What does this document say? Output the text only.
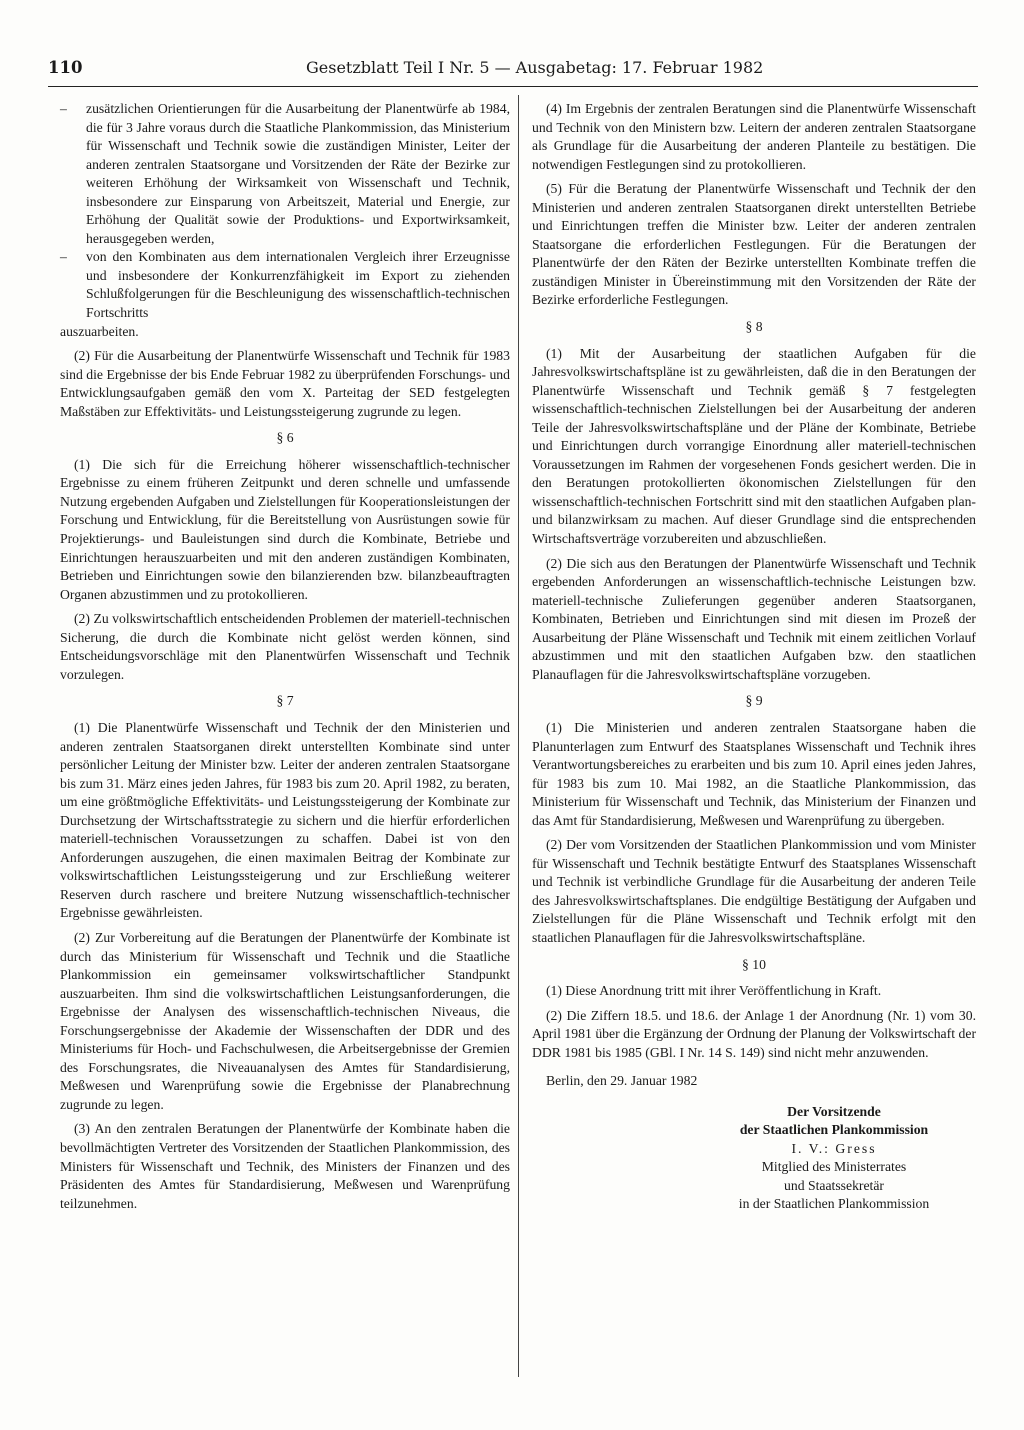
110	Gesetzblatt Teil I Nr. 5 — Ausgabetag: 17. Februar 1982
– zusätzlichen Orientierungen für die Ausarbeitung der Planentwürfe ab 1984, die für 3 Jahre voraus durch die Staatliche Plankommission, das Ministerium für Wissenschaft und Technik sowie die zuständigen Minister, Leiter der anderen zentralen Staatsorgane und Vorsitzenden der Räte der Bezirke zur weiteren Erhöhung der Wirksamkeit von Wissenschaft und Technik, insbesondere zur Einsparung von Arbeitszeit, Material und Energie, zur Erhöhung der Qualität sowie der Produktions- und Exportwirksamkeit, herausgegeben werden,
– von den Kombinaten aus dem internationalen Vergleich ihrer Erzeugnisse und insbesondere der Konkurrenzfähigkeit im Export zu ziehenden Schlußfolgerungen für die Beschleunigung des wissenschaftlich-technischen Fortschritts
auszuarbeiten.

(2) Für die Ausarbeitung der Planentwürfe Wissenschaft und Technik für 1983 sind die Ergebnisse der bis Ende Februar 1982 zu überprüfenden Forschungs- und Entwicklungsaufgaben gemäß den vom X. Parteitag der SED festgelegten Maßstäben zur Effektivitäts- und Leistungssteigerung zugrunde zu legen.

§ 6

(1) Die sich für die Erreichung höherer wissenschaftlich-technischer Ergebnisse zu einem früheren Zeitpunkt und deren schnelle und umfassende Nutzung ergebenden Aufgaben und Zielstellungen für Kooperationsleistungen der Forschung und Entwicklung, für die Bereitstellung von Ausrüstungen sowie für Projektierungs- und Bauleistungen sind durch die Kombinate, Betriebe und Einrichtungen herauszuarbeiten und mit den anderen zuständigen Kombinaten, Betrieben und Einrichtungen sowie den bilanzierenden bzw. bilanzbeauftragten Organen abzustimmen und zu protokollieren.

(2) Zu volkswirtschaftlich entscheidenden Problemen der materiell-technischen Sicherung, die durch die Kombinate nicht gelöst werden können, sind Entscheidungsvorschläge mit den Planentwürfen Wissenschaft und Technik vorzulegen.

§ 7

(1) Die Planentwürfe Wissenschaft und Technik der den Ministerien und anderen zentralen Staatsorganen direkt unterstellten Kombinate sind unter persönlicher Leitung der Minister bzw. Leiter der anderen zentralen Staatsorgane bis zum 31. März eines jeden Jahres, für 1983 bis zum 20. April 1982, zu beraten, um eine größtmögliche Effektivitäts- und Leistungssteigerung der Kombinate zur Durchsetzung der Wirtschaftsstrategie zu sichern und die hierfür erforderlichen materiell-technischen Voraussetzungen zu schaffen. Dabei ist von den Anforderungen auszugehen, die einen maximalen Beitrag der Kombinate zur volkswirtschaftlichen Leistungssteigerung und zur Erschließung weiterer Reserven durch raschere und breitere Nutzung wissenschaftlich-technischer Ergebnisse gewährleisten.

(2) Zur Vorbereitung auf die Beratungen der Planentwürfe der Kombinate ist durch das Ministerium für Wissenschaft und Technik und die Staatliche Plankommission ein gemeinsamer volkswirtschaftlicher Standpunkt auszuarbeiten. Ihm sind die volkswirtschaftlichen Leistungsanforderungen, die Ergebnisse der Analysen des wissenschaftlich-technischen Niveaus, die Forschungsergebnisse der Akademie der Wissenschaften der DDR und des Ministeriums für Hoch- und Fachschulwesen, die Arbeitsergebnisse der Gremien des Forschungsrates, die Niveauanalysen des Amtes für Standardisierung, Meßwesen und Warenprüfung sowie die Ergebnisse der Planabrechnung zugrunde zu legen.

(3) An den zentralen Beratungen der Planentwürfe der Kombinate haben die bevollmächtigten Vertreter des Vorsitzenden der Staatlichen Plankommission, des Ministers für Wissenschaft und Technik, des Ministers der Finanzen und des Präsidenten des Amtes für Standardisierung, Meßwesen und Warenprüfung teilzunehmen.

(4) Im Ergebnis der zentralen Beratungen sind die Planentwürfe Wissenschaft und Technik von den Ministern bzw. Leitern der anderen zentralen Staatsorgane als Grundlage für die Ausarbeitung der anderen Planteile zu bestätigen. Die notwendigen Festlegungen sind zu protokollieren.

(5) Für die Beratung der Planentwürfe Wissenschaft und Technik der den Ministerien und anderen zentralen Staatsorganen direkt unterstellten Betriebe und Einrichtungen treffen die Minister bzw. Leiter der anderen zentralen Staatsorgane die erforderlichen Festlegungen. Für die Beratungen der Planentwürfe der den Räten der Bezirke unterstellten Kombinate treffen die zuständigen Minister in Übereinstimmung mit den Vorsitzenden der Räte der Bezirke erforderliche Festlegungen.

§ 8

(1) Mit der Ausarbeitung der staatlichen Aufgaben für die Jahresvolkswirtschaftspläne ist zu gewährleisten, daß die in den Beratungen der Planentwürfe Wissenschaft und Technik gemäß § 7 festgelegten wissenschaftlich-technischen Zielstellungen bei der Ausarbeitung der anderen Teile der Jahresvolkswirtschaftspläne und der Pläne der Kombinate, Betriebe und Einrichtungen durch vorrangige Einordnung aller materiell-technischen Voraussetzungen im Rahmen der vorgesehenen Fonds gesichert werden. Die in den Beratungen protokollierten ökonomischen Zielstellungen für den wissenschaftlich-technischen Fortschritt sind mit den staatlichen Aufgaben plan- und bilanzwirksam zu machen. Auf dieser Grundlage sind die entsprechenden Wirtschaftsverträge vorzubereiten und abzuschließen.

(2) Die sich aus den Beratungen der Planentwürfe Wissenschaft und Technik ergebenden Anforderungen an wissenschaftlich-technische Leistungen bzw. materiell-technische Zulieferungen gegenüber anderen Staatsorganen, Kombinaten, Betrieben und Einrichtungen sind mit diesen im Prozeß der Ausarbeitung der Pläne Wissenschaft und Technik mit einem zeitlichen Vorlauf abzustimmen und mit den staatlichen Aufgaben bzw. den staatlichen Planauflagen für die Jahresvolkswirtschaftspläne vorzugeben.

§ 9

(1) Die Ministerien und anderen zentralen Staatsorgane haben die Planunterlagen zum Entwurf des Staatsplanes Wissenschaft und Technik ihres Verantwortungsbereiches zu erarbeiten und bis zum 10. April eines jeden Jahres, für 1983 bis zum 10. Mai 1982, an die Staatliche Plankommission, das Ministerium für Wissenschaft und Technik, das Ministerium der Finanzen und das Amt für Standardisierung, Meßwesen und Warenprüfung zu übergeben.

(2) Der vom Vorsitzenden der Staatlichen Plankommission und vom Minister für Wissenschaft und Technik bestätigte Entwurf des Staatsplanes Wissenschaft und Technik ist verbindliche Grundlage für die Ausarbeitung der anderen Teile des Jahresvolkswirtschaftsplanes. Die endgültige Bestätigung der Aufgaben und Zielstellungen für die Pläne Wissenschaft und Technik erfolgt mit den staatlichen Planauflagen für die Jahresvolkswirtschaftspläne.

§ 10

(1) Diese Anordnung tritt mit ihrer Veröffentlichung in Kraft.

(2) Die Ziffern 18.5. und 18.6. der Anlage 1 der Anordnung (Nr. 1) vom 30. April 1981 über die Ergänzung der Ordnung der Planung der Volkswirtschaft der DDR 1981 bis 1985 (GBl. I Nr. 14 S. 149) sind nicht mehr anzuwenden.

Berlin, den 29. Januar 1982
Der Vorsitzende
der Staatlichen Plankommission
I. V.: Gress
Mitglied des Ministerrates
und Staatssekretär
in der Staatlichen Plankommission
